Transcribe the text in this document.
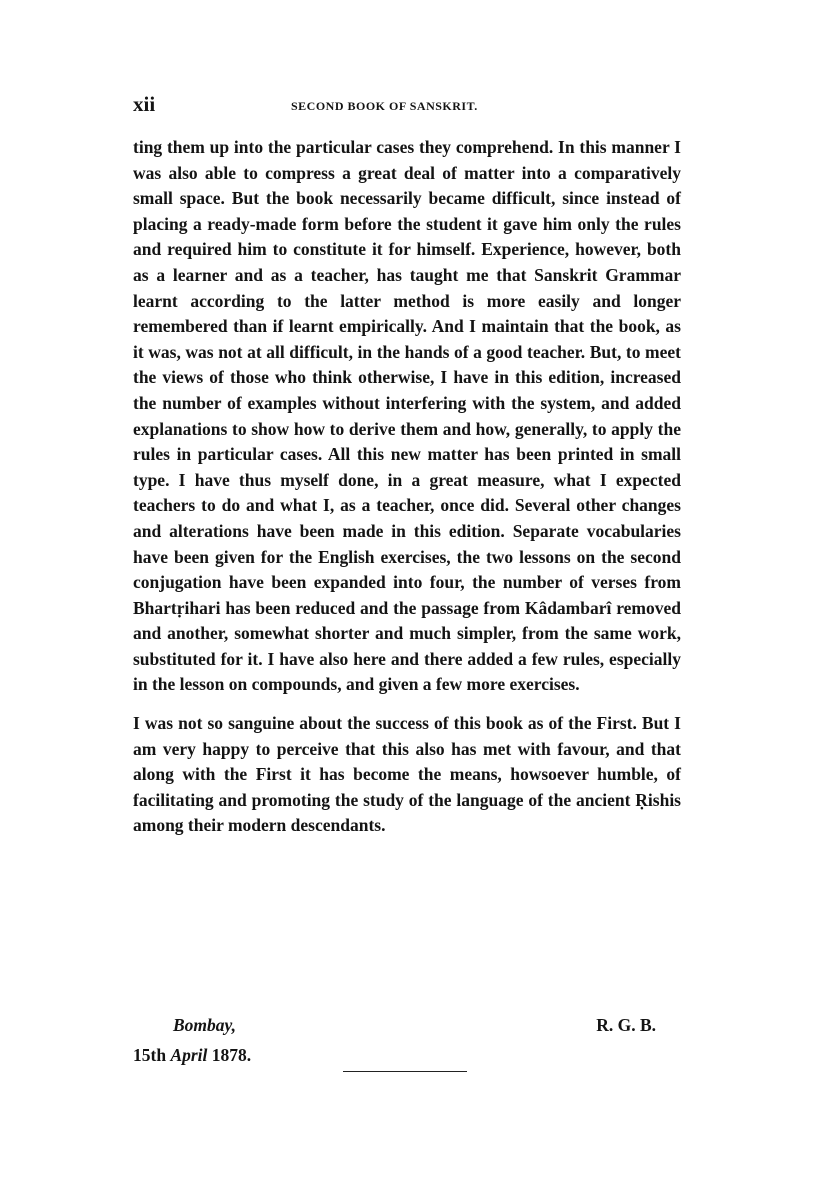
xii	SECOND BOOK OF SANSKRIT.

ting them up into the particular cases they comprehend. In this manner I was also able to compress a great deal of matter into a comparatively small space. But the book necessarily became difficult, since instead of placing a ready-made form before the student it gave him only the rules and required him to constitute it for himself. Experience, however, both as a learner and as a teacher, has taught me that Sanskrit Grammar learnt according to the latter method is more easily and longer remembered than if learnt empirically. And I maintain that the book, as it was, was not at all difficult, in the hands of a good teacher. But, to meet the views of those who think otherwise, I have in this edition, increased the number of examples without interfering with the system, and added explanations to show how to derive them and how, generally, to apply the rules in particular cases. All this new matter has been printed in small type. I have thus myself done, in a great measure, what I expected teachers to do and what I, as a teacher, once did. Several other changes and alterations have been made in this edition. Separate vocabularies have been given for the English exercises, the two lessons on the second conjugation have been expanded into four, the number of verses from Bhartṛihari has been reduced and the passage from Kâdambarî removed and another, somewhat shorter and much simpler, from the same work, substituted for it. I have also here and there added a few rules, especially in the lesson on compounds, and given a few more exercises.

I was not so sanguine about the success of this book as of the First. But I am very happy to perceive that this also has met with favour, and that along with the First it has become the means, howsoever humble, of facilitating and promoting the study of the language of the ancient Ṛishis among their modern descendants.

Bombay,	R. G. B.
15th April 1878.
